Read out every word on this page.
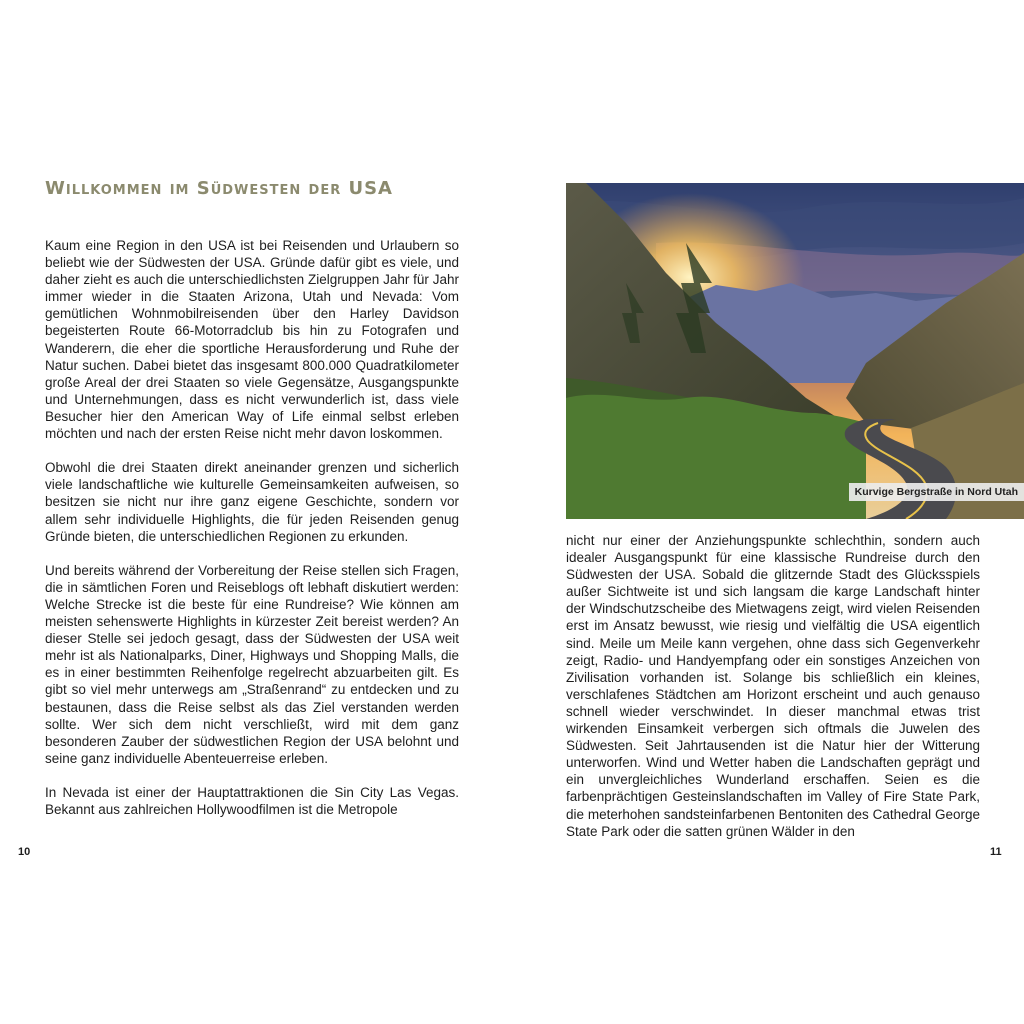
Willkommen im Südwesten der USA

Kaum eine Region in den USA ist bei Reisenden und Urlaubern so beliebt wie der Südwesten der USA. Gründe dafür gibt es viele, und daher zieht es auch die unterschiedlichsten Zielgruppen Jahr für Jahr immer wieder in die Staaten Arizona, Utah und Nevada: Vom gemütlichen Wohnmobilreisenden über den Harley Davidson begeisterten Route 66-Motorradclub bis hin zu Fotografen und Wanderern, die eher die sportliche Herausforderung und Ruhe der Natur suchen. Dabei bietet das insgesamt 800.000 Quadratkilometer große Areal der drei Staaten so viele Gegensätze, Ausgangspunkte und Unternehmungen, dass es nicht verwunderlich ist, dass viele Besucher hier den American Way of Life einmal selbst erleben möchten und nach der ersten Reise nicht mehr davon loskommen.

Obwohl die drei Staaten direkt aneinander grenzen und sicherlich viele landschaftliche wie kulturelle Gemeinsamkeiten aufweisen, so besitzen sie nicht nur ihre ganz eigene Geschichte, sondern vor allem sehr individuelle Highlights, die für jeden Reisenden genug Gründe bieten, die unterschiedlichen Regionen zu erkunden.

Und bereits während der Vorbereitung der Reise stellen sich Fragen, die in sämtlichen Foren und Reiseblogs oft lebhaft diskutiert werden: Welche Strecke ist die beste für eine Rundreise? Wie können am meisten sehenswerte Highlights in kürzester Zeit bereist werden? An dieser Stelle sei jedoch gesagt, dass der Südwesten der USA weit mehr ist als Nationalparks, Diner, Highways und Shopping Malls, die es in einer bestimmten Reihenfolge regelrecht abzuarbeiten gilt. Es gibt so viel mehr unterwegs am „Straßenrand“ zu entdecken und zu bestaunen, dass die Reise selbst als das Ziel verstanden werden sollte. Wer sich dem nicht verschließt, wird mit dem ganz besonderen Zauber der südwestlichen Region der USA belohnt und seine ganz individuelle Abenteuerreise erleben.

In Nevada ist einer der Hauptattraktionen die Sin City Las Vegas. Bekannt aus zahlreichen Hollywoodfilmen ist die Metropole

10
Kurvige Bergstraße in Nord Utah

nicht nur einer der Anziehungspunkte schlechthin, sondern auch idealer Ausgangspunkt für eine klassische Rundreise durch den Südwesten der USA. Sobald die glitzernde Stadt des Glücksspiels außer Sichtweite ist und sich langsam die karge Landschaft hinter der Windschutzscheibe des Mietwagens zeigt, wird vielen Reisenden erst im Ansatz bewusst, wie riesig und vielfältig die USA eigentlich sind. Meile um Meile kann vergehen, ohne dass sich Gegenverkehr zeigt, Radio- und Handyempfang oder ein sonstiges Anzeichen von Zivilisation vorhanden ist. Solange bis schließlich ein kleines, verschlafenes Städtchen am Horizont erscheint und auch genauso schnell wieder verschwindet. In dieser manchmal etwas trist wirkenden Einsamkeit verbergen sich oftmals die Juwelen des Südwesten. Seit Jahrtausenden ist die Natur hier der Witterung unterworfen. Wind und Wetter haben die Landschaften geprägt und ein unvergleichliches Wunderland erschaffen. Seien es die farbenprächtigen Gesteinslandschaften im Valley of Fire State Park, die meterhohen sandsteinfarbenen Bentoniten des Cathedral George State Park oder die satten grünen Wälder in den

11
